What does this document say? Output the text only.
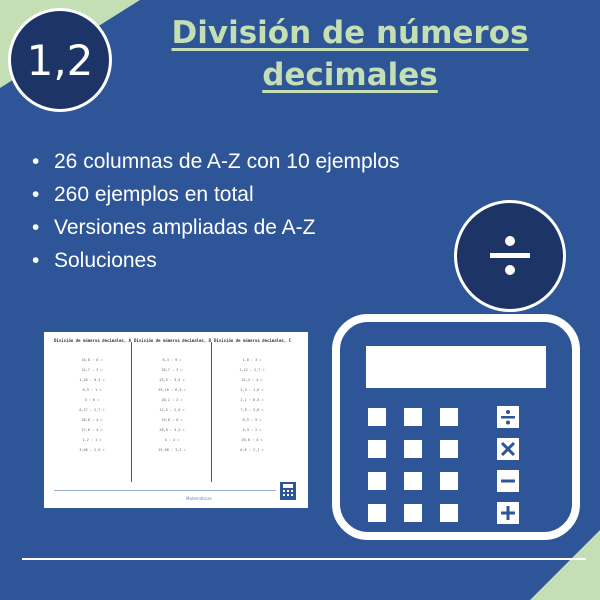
1,2
División de números
decimales
• 26 columnas de A-Z con 10 ejemplos
• 260 ejemplos en total
• Versiones ampliadas de A-Z
• Soluciones
División de números decimales, A
16,8 : 6 =
14,7 : 3 =
1,26 : 0,3 =
0,9 : 1 =
3 : 6 =
0,27 : 2,7 =
28,8 : 4 =
27,6 : 4 =
1,2 : 1 =
4,06 : 2,9 =
División de números decimales, B
6,3 : 9 =
20,7 : 3 =
25,5 : 3,5 =
29,16 : 6,3 =
20,2 : 2 =
12,5 : 2,5 =
19,8 : 6 =
28,8 : 3,2 =
4 : 4 =
15,68 : 3,2 =
División de números decimales, C
1,8 : 3 =
1,12 : 2,7 =
22,4 : 4 =
2,4 : 1,6 =
2,1 : 0,3 =
7,6 : 3,8 =
0,9 : 9 =
4,4 : 2 =
26,6 : 4 =
6,6 : 2,1 =
Matemáticas
